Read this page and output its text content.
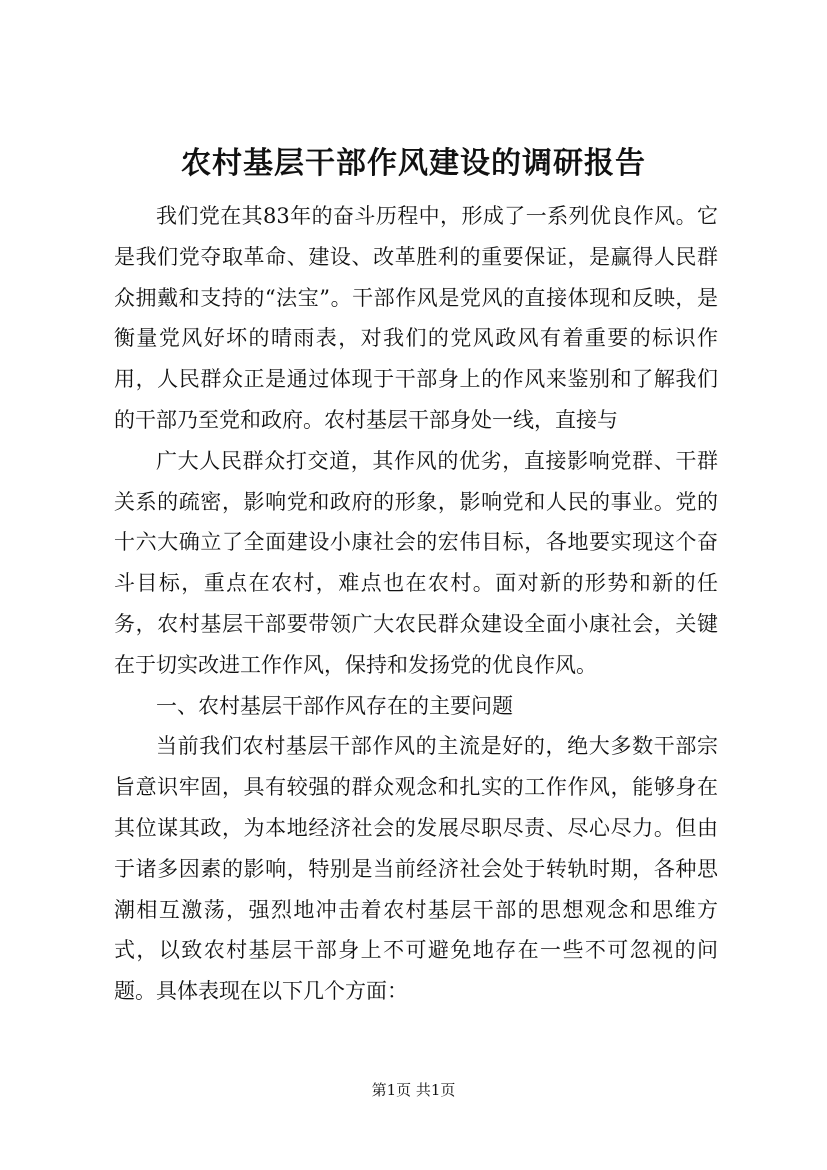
农村基层干部作风建设的调研报告

我们党在其83年的奋斗历程中，形成了一系列优良作风。它是我们党夺取革命、建设、改革胜利的重要保证，是赢得人民群众拥戴和支持的“法宝”。干部作风是党风的直接体现和反映，是衡量党风好坏的晴雨表，对我们的党风政风有着重要的标识作用，人民群众正是通过体现于干部身上的作风来鉴别和了解我们的干部乃至党和政府。农村基层干部身处一线，直接与

广大人民群众打交道，其作风的优劣，直接影响党群、干群关系的疏密，影响党和政府的形象，影响党和人民的事业。党的十六大确立了全面建设小康社会的宏伟目标，各地要实现这个奋斗目标，重点在农村，难点也在农村。面对新的形势和新的任务，农村基层干部要带领广大农民群众建设全面小康社会，关键在于切实改进工作作风，保持和发扬党的优良作风。

一、农村基层干部作风存在的主要问题

当前我们农村基层干部作风的主流是好的，绝大多数干部宗旨意识牢固，具有较强的群众观念和扎实的工作作风，能够身在其位谋其政，为本地经济社会的发展尽职尽责、尽心尽力。但由于诸多因素的影响，特别是当前经济社会处于转轨时期，各种思潮相互激荡，强烈地冲击着农村基层干部的思想观念和思维方式，以致农村基层干部身上不可避免地存在一些不可忽视的问题。具体表现在以下几个方面：

第1页 共1页
